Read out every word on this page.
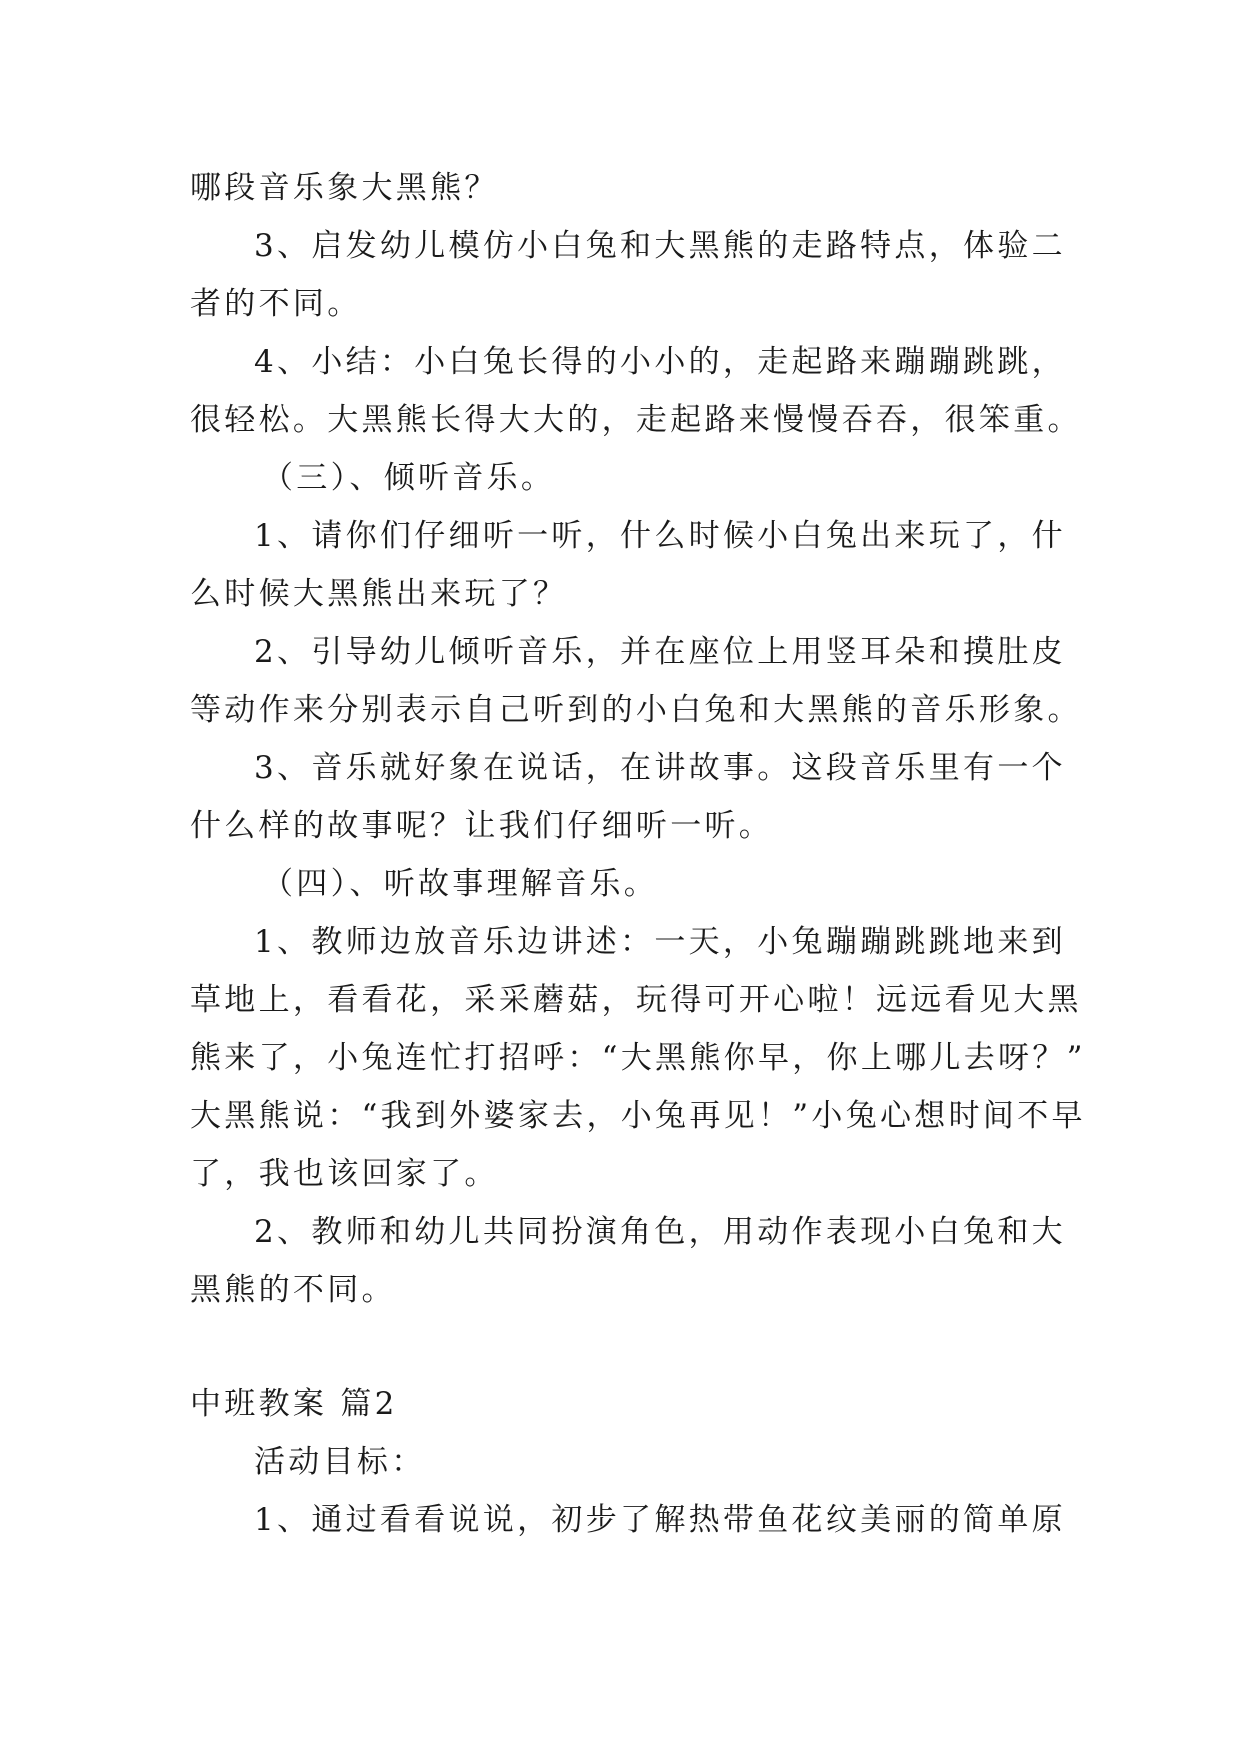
哪段音乐象大黑熊？
3、启发幼儿模仿小白兔和大黑熊的走路特点，体验二
者的不同。
4、小结：小白兔长得的小小的，走起路来蹦蹦跳跳，
很轻松。大黑熊长得大大的，走起路来慢慢吞吞，很笨重。
（三）、倾听音乐。
1、请你们仔细听一听，什么时候小白兔出来玩了，什
么时候大黑熊出来玩了？
2、引导幼儿倾听音乐，并在座位上用竖耳朵和摸肚皮
等动作来分别表示自己听到的小白兔和大黑熊的音乐形象。
3、音乐就好象在说话，在讲故事。这段音乐里有一个
什么样的故事呢？让我们仔细听一听。
（四）、听故事理解音乐。
1、教师边放音乐边讲述：一天，小兔蹦蹦跳跳地来到
草地上，看看花，采采蘑菇，玩得可开心啦！远远看见大黑
熊来了，小兔连忙打招呼：“大黑熊你早，你上哪儿去呀？”
大黑熊说：“我到外婆家去，小兔再见！”小兔心想时间不早
了，我也该回家了。
2、教师和幼儿共同扮演角色，用动作表现小白兔和大
黑熊的不同。
中班教案 篇2
活动目标：
1、通过看看说说，初步了解热带鱼花纹美丽的简单原
